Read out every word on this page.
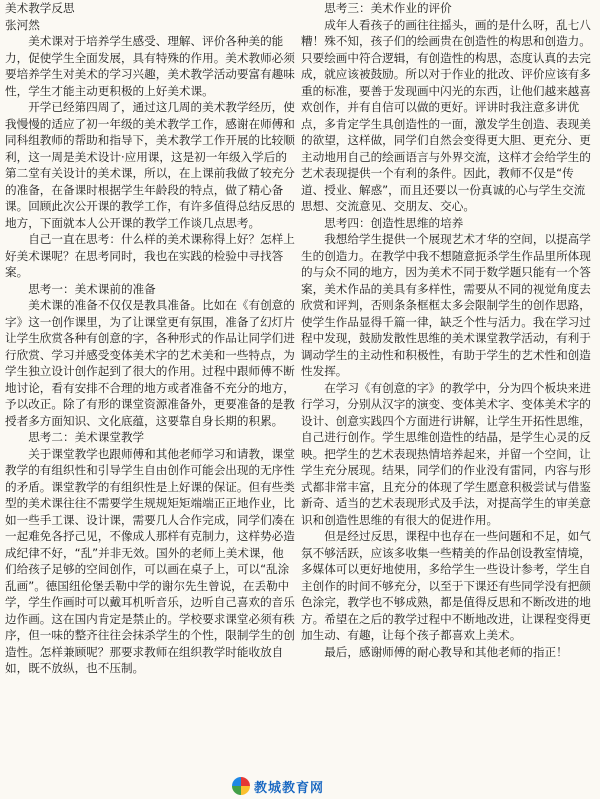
美术教学反思

张河然

美术课对于培养学生感受、理解、评价各种美的能力，促使学生全面发展，具有特殊的作用。美术教师必须要培养学生对美术的学习兴趣，美术教学活动要富有趣味性，学生才能主动更积极的上好美术课。

开学已经第四周了，通过这几周的美术教学经历，使我慢慢的适应了初一年级的美术教学工作，感谢在师傅和同科组教师的帮助和指导下，美术教学工作开展的比较顺利，这一周是美术设计·应用课，这是初一年级入学后的第二堂有关设计的美术课，所以，在上课前我做了较充分的准备，在备课时根据学生年龄段的特点，做了精心备课。回顾此次公开课的教学工作，有许多值得总结反思的地方，下面就本人公开课的教学工作谈几点思考。

自己一直在思考：什么样的美术课称得上好？怎样上好美术课呢？在思考同时，我也在实践的检验中寻找答案。

思考一：美术课前的准备

美术课的准备不仅仅是教具准备。比如在《有创意的字》这一创作课里，为了让课堂更有氛围，准备了幻灯片让学生欣赏各种有创意的字，各种形式的作品让同学们进行欣赏、学习并感受变体美术字的艺术美和一些特点，为学生独立设计创作起到了很大的作用。过程中跟师傅不断地讨论，看有安排不合理的地方或者准备不充分的地方，予以改正。除了有形的课堂资源准备外，更要准备的是教授者多方面知识、文化底蕴，这要靠自身长期的积累。

思考二：美术课堂教学

关于课堂教学也跟师傅和其他老师学习和请教，课堂教学的有组织性和引导学生自由创作可能会出现的无序性的矛盾。课堂教学的有组织性是上好课的保证。但有些类型的美术课往往不需要学生规规矩矩端端正正地作业，比如一些手工课、设计课，需要几人合作完成，同学们凑在一起难免各抒己见，不像成人那样有克制力，这样势必造成纪律不好，“乱”并非无效。国外的老师上美术课，他们给孩子足够的空间创作，可以画在桌子上，可以“乱涂乱画”。德国纽伦堡丢勒中学的谢尔先生曾说，在丢勒中学，学生作画时可以戴耳机听音乐，边听自己喜欢的音乐边作画。这在国内肯定是禁止的。学校要求课堂必须有秩序，但一味的整齐往往会抹杀学生的个性，限制学生的创造性。怎样兼顾呢？那要求教师在组织教学时能收放自如，既不放纵，也不压制。

思考三：美术作业的评价

成年人看孩子的画往往摇头，画的是什么呀，乱七八糟！殊不知，孩子们的绘画贵在创造性的构思和创造力。只要绘画中符合逻辑，有创造性的构思，态度认真的去完成，就应该被鼓励。所以对于作业的批改、评价应该有多重的标准，要善于发现画中闪光的东西，让他们越来越喜欢创作，并有自信可以做的更好。评讲时我注意多讲优点，多肯定学生具创造性的一面，激发学生创造、表现美的欲望，这样做，同学们自然会变得更大胆、更充分、更主动地用自己的绘画语言与外界交流，这样才会给学生的艺术表现提供一个有利的条件。因此，教师不仅是“传道、授业、解惑”，而且还要以一份真诚的心与学生交流思想、交流意见、交朋友、交心。

思考四：创造性思维的培养

我想给学生提供一个展现艺术才华的空间，以提高学生的创造力。在教学中我不想随意扼杀学生作品里所体现的与众不同的地方，因为美术不同于数学题只能有一个答案，美术作品的美具有多样性，需要从不同的视觉角度去欣赏和评判，否则条条框框太多会限制学生的创作思路，使学生作品显得千篇一律，缺乏个性与活力。我在学习过程中发现，鼓励发散性思维的美术课堂教学活动，有利于调动学生的主动性和积极性，有助于学生的艺术性和创造性发挥。

在学习《有创意的字》的教学中，分为四个板块来进行学习，分别从汉字的演变、变体美术字、变体美术字的设计、创意实践四个方面进行讲解，让学生开拓性思维，自己进行创作。学生思维创造性的结晶，是学生心灵的反映。把学生的艺术表现热情培养起来，并留一个空间，让学生充分展现。结果，同学们的作业没有雷同，内容与形式都非常丰富，且充分的体现了学生愿意积极尝试与借鉴新奇、适当的艺术表现形式及手法，对提高学生的审美意识和创造性思维的有很大的促进作用。

但是经过反思，课程中也存在一些问题和不足，如气氛不够活跃，应该多收集一些精美的作品创设教室情境，多媒体可以更好地使用，多给学生一些设计参考，学生自主创作的时间不够充分，以至于下课还有些同学没有把颜色涂完，教学也不够成熟，都是值得反思和不断改进的地方。希望在之后的教学过程中不断地改进，让课程变得更加生动、有趣，让每个孩子都喜欢上美术。

最后，感谢师傅的耐心教导和其他老师的指正！

教城教育网
